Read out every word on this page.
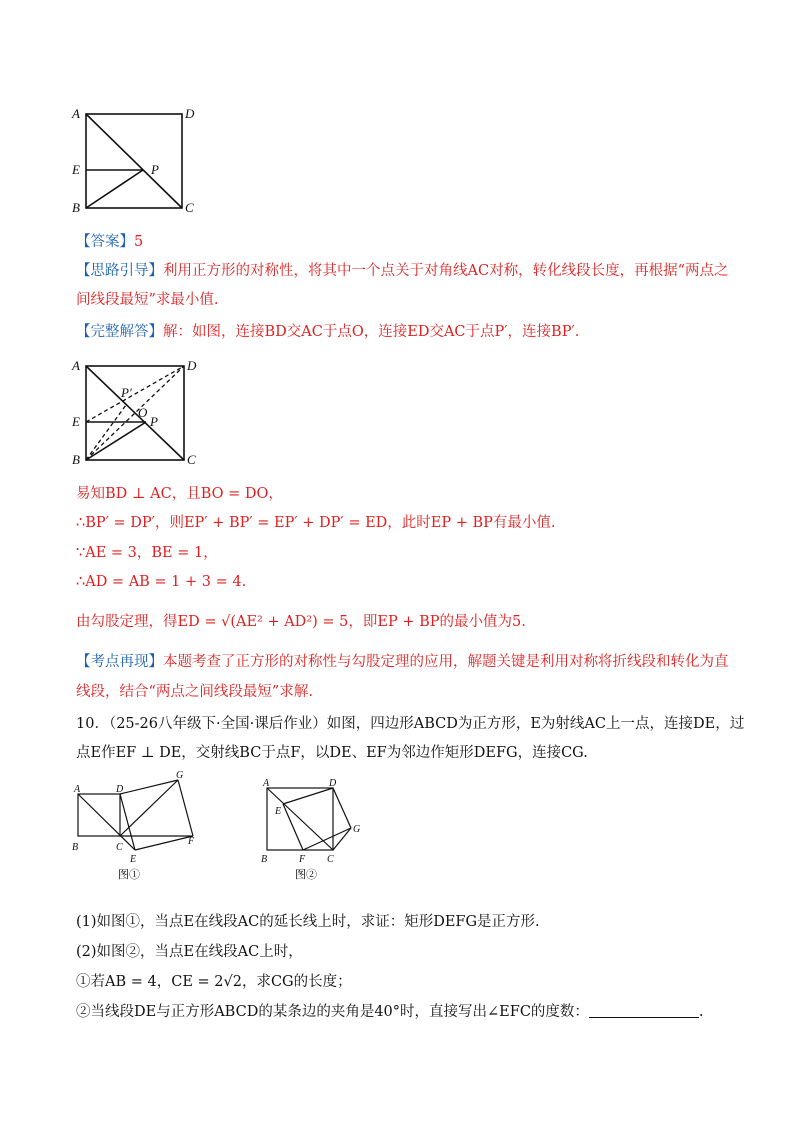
A	D
E	P
B	C
【答案】5
【思路引导】利用正方形的对称性，将其中一个点关于对角线AC对称，转化线段长度，再根据“两点之
间线段最短”求最小值.
【完整解答】解：如图，连接BD交AC于点O，连接ED交AC于点P′，连接BP′.
A	D
P′
O
E	P
B	C
易知BD ⊥ AC，且BO = DO，
∴BP′ = DP′，则EP′ + BP′ = EP′ + DP′ = ED，此时EP + BP有最小值.
∵AE = 3，BE = 1，
∴AD = AB = 1 + 3 = 4.
由勾股定理，得ED = √(AE² + AD²) = 5，即EP + BP的最小值为5.
【考点再现】本题考查了正方形的对称性与勾股定理的应用，解题关键是利用对称将折线段和转化为直
线段，结合“两点之间线段最短”求解.
10．（25-26八年级下·全国·课后作业）如图，四边形ABCD为正方形，E为射线AC上一点，连接DE，过
点E作EF ⊥ DE，交射线BC于点F，以DE、EF为邻边作矩形DEFG，连接CG.
A	D
G
B	C
F
E
图①
A	D
E
G
B	F C
图②
(1)如图①，当点E在线段AC的延长线上时，求证：矩形DEFG是正方形.
(2)如图②，当点E在线段AC上时，
①若AB = 4，CE = 2√2，求CG的长度；
②当线段DE与正方形ABCD的某条边的夹角是40°时，直接写出∠EFC的度数：	.
